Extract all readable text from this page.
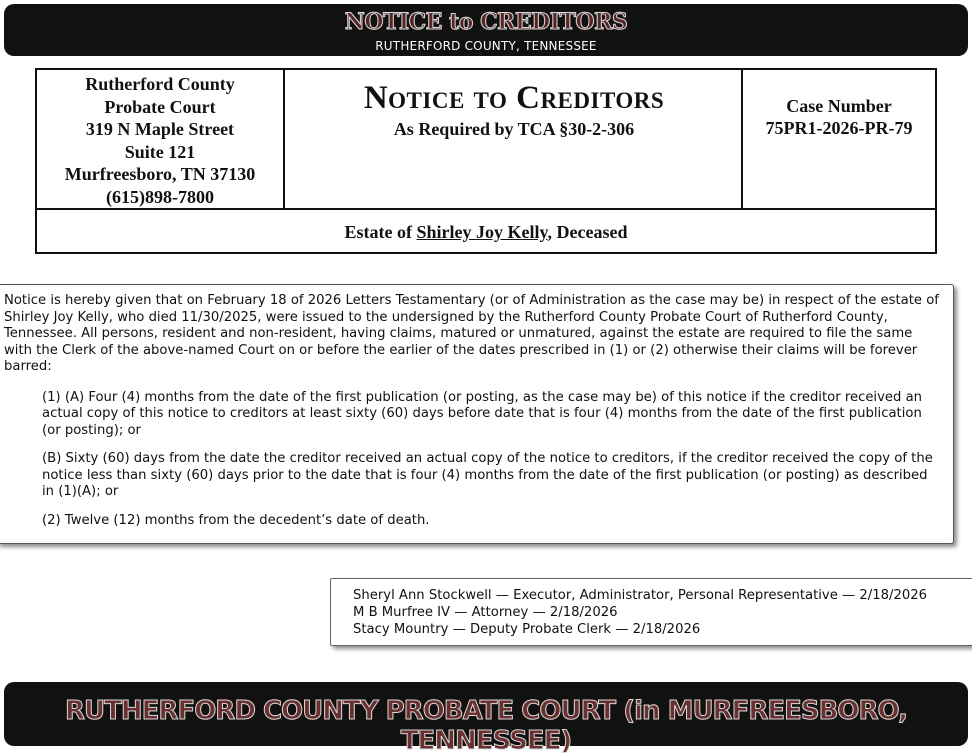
NOTICE to CREDITORS
RUTHERFORD COUNTY, TENNESSEE
Rutherford County
Probate Court
319 N Maple Street
Suite 121
Murfreesboro, TN 37130
(615)898-7800
Notice to Creditors
As Required by TCA §30-2-306
Case Number
75PR1-2026-PR-79
Estate of Shirley Joy Kelly, Deceased

Notice is hereby given that on February 18 of 2026 Letters Testamentary (or of Administration as the case may be) in respect of the estate of Shirley Joy Kelly, who died 11/30/2025, were issued to the undersigned by the Rutherford County Probate Court of Rutherford County, Tennessee. All persons, resident and non-resident, having claims, matured or unmatured, against the estate are required to file the same with the Clerk of the above-named Court on or before the earlier of the dates prescribed in (1) or (2) otherwise their claims will be forever barred:

(1) (A) Four (4) months from the date of the first publication (or posting, as the case may be) of this notice if the creditor received an actual copy of this notice to creditors at least sixty (60) days before date that is four (4) months from the date of the first publication (or posting); or

(B) Sixty (60) days from the date the creditor received an actual copy of the notice to creditors, if the creditor received the copy of the notice less than sixty (60) days prior to the date that is four (4) months from the date of the first publication (or posting) as described in (1)(A); or

(2) Twelve (12) months from the decedent’s date of death.

Sheryl Ann Stockwell — Executor, Administrator, Personal Representative — 2/18/2026
M B Murfree IV — Attorney — 2/18/2026
Stacy Mountry — Deputy Probate Clerk — 2/18/2026
RUTHERFORD COUNTY PROBATE COURT (in MURFREESBORO, TENNESSEE)
